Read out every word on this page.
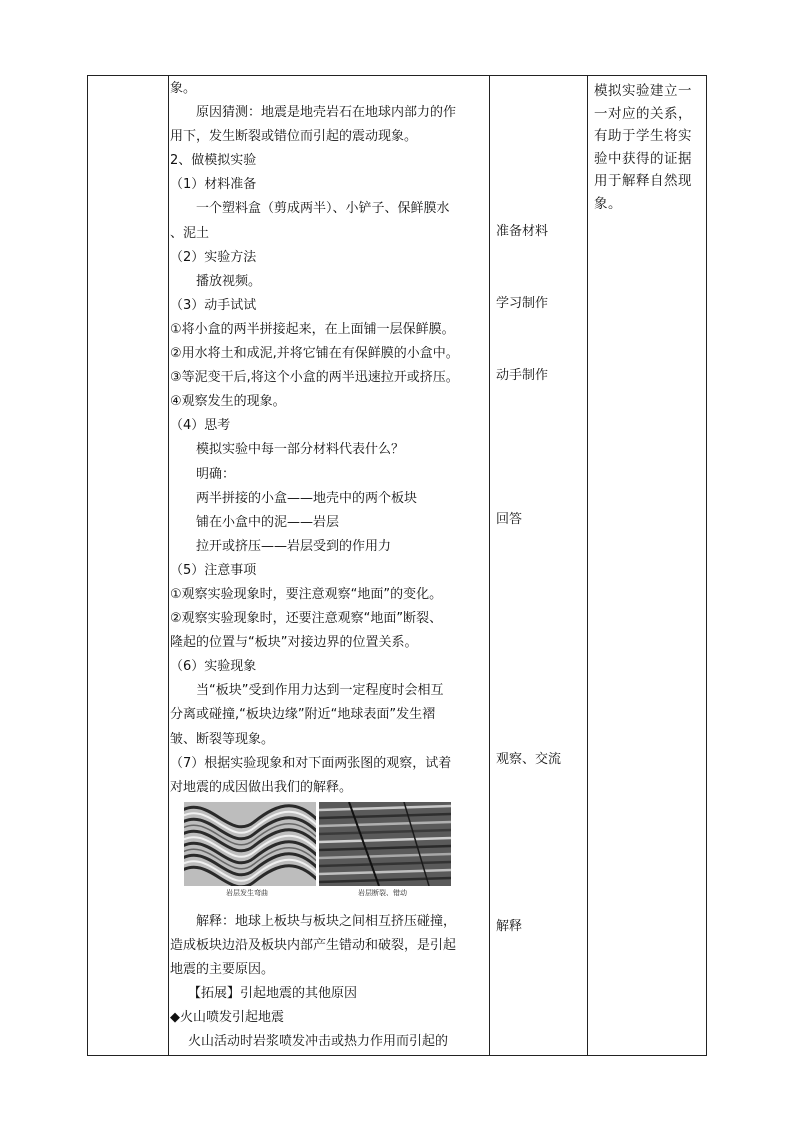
象。
原因猜测：地震是地壳岩石在地球内部力的作
用下，发生断裂或错位而引起的震动现象。
2、做模拟实验
（1）材料准备
一个塑料盒（剪成两半）、小铲子、保鲜膜水
、泥土
（2）实验方法
播放视频。
（3）动手试试
①将小盒的两半拼接起来，在上面铺一层保鲜膜。
②用水将土和成泥,并将它铺在有保鲜膜的小盒中。
③等泥变干后,将这个小盒的两半迅速拉开或挤压。
④观察发生的现象。
（4）思考
模拟实验中每一部分材料代表什么？
明确：
两半拼接的小盒——地壳中的两个板块
铺在小盒中的泥——岩层
拉开或挤压——岩层受到的作用力
（5）注意事项
①观察实验现象时，要注意观察“地面”的变化。
②观察实验现象时，还要注意观察“地面”断裂、
隆起的位置与“板块”对接边界的位置关系。
（6）实验现象
当“板块”受到作用力达到一定程度时会相互
分离或碰撞,“板块边缘”附近“地球表面”发生褶
皱、断裂等现象。
（7）根据实验现象和对下面两张图的观察，试着
对地震的成因做出我们的解释。
岩层发生弯曲	岩层断裂、错动
解释：地球上板块与板块之间相互挤压碰撞，
造成板块边沿及板块内部产生错动和破裂，是引起
地震的主要原因。
【拓展】引起地震的其他原因
◆火山喷发引起地震
火山活动时岩浆喷发冲击或热力作用而引起的
准备材料
学习制作
动手制作
回答
观察、交流
解释
模拟实验建立一一对应的关系，有助于学生将实验中获得的证据用于解释自然现象。
